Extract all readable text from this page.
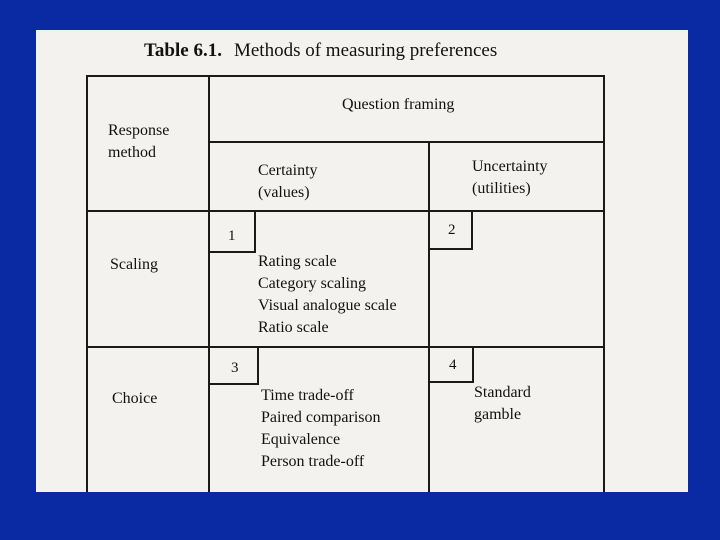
Table 6.1. Methods of measuring preferences
Response
method
Question framing
Certainty
(values)
Uncertainty
(utilities)
Scaling
Choice
1	2
3	4
Rating scale
Category scaling
Visual analogue scale
Ratio scale
Time trade-off
Paired comparison
Equivalence
Person trade-off
Standard
gamble
